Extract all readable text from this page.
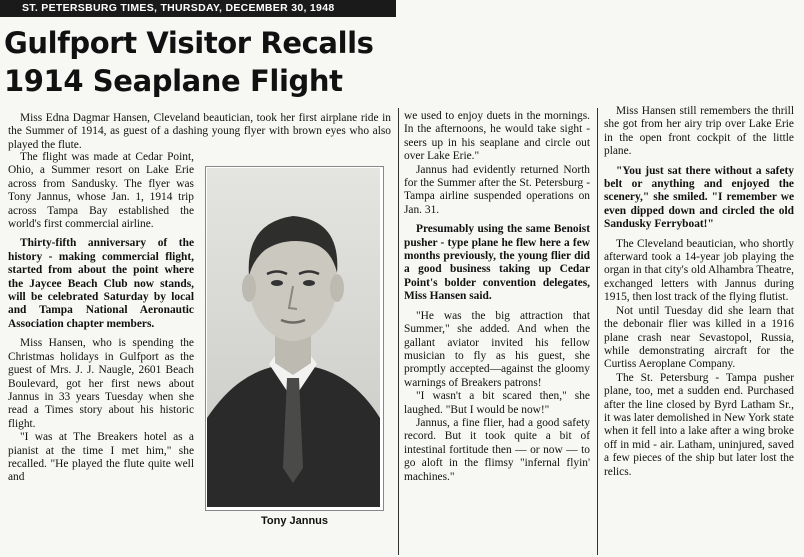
ST. PETERSBURG TIMES, THURSDAY, DECEMBER 30, 1948
Gulfport Visitor Recalls
1914 Seaplane Flight

Miss Edna Dagmar Hansen, Cleveland beautician, took her first airplane ride in the Summer of 1914, as guest of a dashing young flyer with brown eyes who also played the flute.

The flight was made at Cedar Point, Ohio, a Summer resort on Lake Erie across from Sandusky. The flyer was Tony Jannus, whose Jan. 1, 1914 trip across Tampa Bay established the world's first commercial airline.

Thirty-fifth anniversary of the history - making commercial flight, started from about the point where the Jaycee Beach Club now stands, will be celebrated Saturday by local and Tampa National Aeronautic Association chapter members.

Miss Hansen, who is spending the Christmas holidays in Gulfport as the guest of Mrs. J. J. Naugle, 2601 Beach Boulevard, got her first news about Jannus in 33 years Tuesday when she read a Times story about his historic flight.

"I was at The Breakers hotel as a pianist at the time I met him," she recalled. "He played the flute quite well and

Tony Jannus

we used to enjoy duets in the mornings. In the afternoons, he would take sight - seers up in his seaplane and circle out over Lake Erie."

Jannus had evidently returned North for the Summer after the St. Petersburg - Tampa airline suspended operations on Jan. 31.

Presumably using the same Benoist pusher - type plane he flew here a few months previously, the young flier did a good business taking up Cedar Point's bolder convention delegates, Miss Hansen said.

"He was the big attraction that Summer," she added. And when the gallant aviator invited his fellow musician to fly as his guest, she promptly accepted—against the gloomy warnings of Breakers patrons!

"I wasn't a bit scared then," she laughed. "But I would be now!"

Jannus, a fine flier, had a good safety record. But it took quite a bit of intestinal fortitude then — or now — to go aloft in the flimsy "infernal flyin' machines."

Miss Hansen still remembers the thrill she got from her airy trip over Lake Erie in the open front cockpit of the little plane.

"You just sat there without a safety belt or anything and enjoyed the scenery," she smiled. "I remember we even dipped down and circled the old Sandusky Ferryboat!"

The Cleveland beautician, who shortly afterward took a 14-year job playing the organ in that city's old Alhambra Theatre, exchanged letters with Jannus during 1915, then lost track of the flying flutist.

Not until Tuesday did she learn that the debonair flier was killed in a 1916 plane crash near Sevastopol, Russia, while demonstrating aircraft for the Curtiss Aeroplane Company.

The St. Petersburg - Tampa pusher plane, too, met a sudden end. Purchased after the line closed by Byrd Latham Sr., it was later demolished in New York state when it fell into a lake after a wing broke off in mid - air. Latham, uninjured, saved a few pieces of the ship but later lost the relics.
